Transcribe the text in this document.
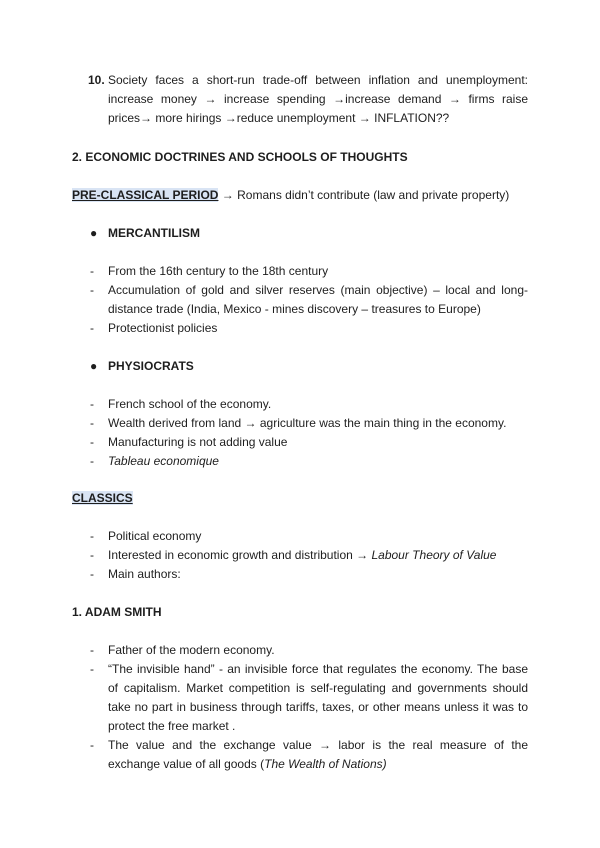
10. Society faces a short-run trade-off between inflation and unemployment: increase money → increase spending →increase demand → firms raise prices→ more hirings →reduce unemployment → INFLATION??
2. ECONOMIC DOCTRINES AND SCHOOLS OF THOUGHTS
PRE-CLASSICAL PERIOD → Romans didn’t contribute (law and private property)
● MERCANTILISM
- From the 16th century to the 18th century
- Accumulation of gold and silver reserves (main objective) – local and long-distance trade (India, Mexico - mines discovery – treasures to Europe)
- Protectionist policies
● PHYSIOCRATS
- French school of the economy.
- Wealth derived from land → agriculture was the main thing in the economy.
- Manufacturing is not adding value
- Tableau economique
CLASSICS
- Political economy
- Interested in economic growth and distribution → Labour Theory of Value
- Main authors:
1. ADAM SMITH
- Father of the modern economy.
- “The invisible hand” - an invisible force that regulates the economy. The base of capitalism. Market competition is self-regulating and governments should take no part in business through tariffs, taxes, or other means unless it was to protect the free market .
- The value and the exchange value → labor is the real measure of the exchange value of all goods (The Wealth of Nations)
